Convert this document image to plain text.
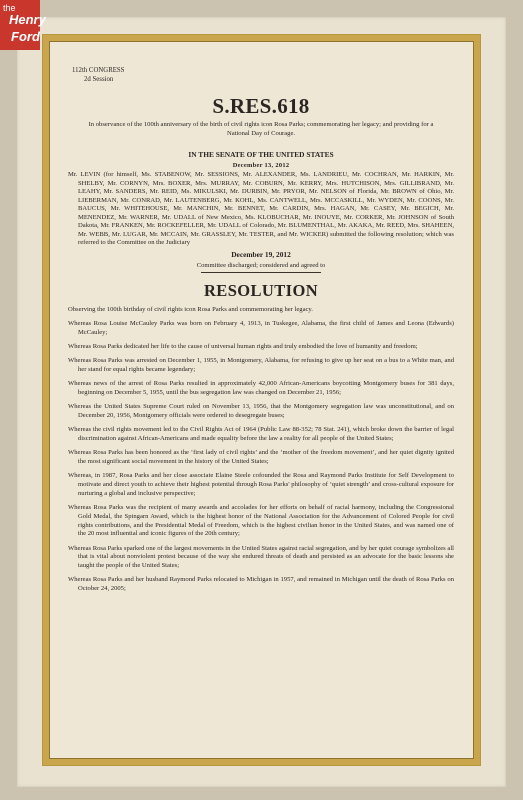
the
Henry
Ford
112th CONGRESS
2d Session
S.RES.618
In observance of the 100th anniversary of the birth of civil rights icon Rosa Parks; commemorating her legacy; and providing for a National Day of Courage.
IN THE SENATE OF THE UNITED STATES
December 13, 2012
Mr. LEVIN (for himself, Ms. STABENOW, Mr. SESSIONS, Mr. ALEXANDER, Ms. LANDRIEU, Mr. COCHRAN, Mr. HARKIN, Mr. SHELBY, Mr. CORNYN, Mrs. BOXER, Mrs. MURRAY, Mr. COBURN, Mr. KERRY, Mrs. HUTCHISON, Mrs. GILLIBRAND, Mr. LEAHY, Mr. SANDERS, Mr. REID, Ms. MIKULSKI, Mr. DURBIN, Mr. PRYOR, Mr. NELSON of Florida, Mr. BROWN of Ohio, Mr. LIEBERMAN, Mr. CONRAD, Mr. LAUTENBERG, Mr. KOHL, Ms. CANTWELL, Mrs. MCCASKILL, Mr. WYDEN, Mr. COONS, Mr. BAUCUS, Mr. WHITEHOUSE, Mr. MANCHIN, Mr. BENNET, Mr. CARDIN, Mrs. HAGAN, Mr. CASEY, Mr. BEGICH, Mr. MENENDEZ, Mr. WARNER, Mr. UDALL of New Mexico, Ms. KLOBUCHAR, Mr. INOUYE, Mr. CORKER, Mr. JOHNSON of South Dakota, Mr. FRANKEN, Mr. ROCKEFELLER, Mr. UDALL of Colorado, Mr. BLUMENTHAL, Mr. AKAKA, Mr. REED, Mrs. SHAHEEN, Mr. WEBB, Mr. LUGAR, Mr. MCCAIN, Mr. GRASSLEY, Mr. TESTER, and Mr. WICKER) submitted the following resolution; which was referred to the Committee on the Judiciary
December 19, 2012
Committee discharged; considered and agreed to
RESOLUTION
Observing the 100th birthday of civil rights icon Rosa Parks and commemorating her legacy.
Whereas Rosa Louise McCauley Parks was born on February 4, 1913, in Tuskegee, Alabama, the first child of James and Leona (Edwards) McCauley;
Whereas Rosa Parks dedicated her life to the cause of universal human rights and truly embodied the love of humanity and freedom;
Whereas Rosa Parks was arrested on December 1, 1955, in Montgomery, Alabama, for refusing to give up her seat on a bus to a White man, and her stand for equal rights became legendary;
Whereas news of the arrest of Rosa Parks resulted in approximately 42,000 African-Americans boycotting Montgomery buses for 381 days, beginning on December 5, 1955, until the bus segregation law was changed on December 21, 1956;
Whereas the United States Supreme Court ruled on November 13, 1956, that the Montgomery segregation law was unconstitutional, and on December 20, 1956, Montgomery officials were ordered to desegregate buses;
Whereas the civil rights movement led to the Civil Rights Act of 1964 (Public Law 88-352; 78 Stat. 241), which broke down the barrier of legal discrimination against African-Americans and made equality before the law a reality for all people of the United States;
Whereas Rosa Parks has been honored as the ‘first lady of civil rights’ and the ‘mother of the freedom movement’, and her quiet dignity ignited the most significant social movement in the history of the United States;
Whereas, in 1987, Rosa Parks and her close associate Elaine Steele cofounded the Rosa and Raymond Parks Institute for Self Development to motivate and direct youth to achieve their highest potential through Rosa Parks' philosophy of ‘quiet strength’ and cross-cultural exposure for nurturing a global and inclusive perspective;
Whereas Rosa Parks was the recipient of many awards and accolades for her efforts on behalf of racial harmony, including the Congressional Gold Medal, the Spingarn Award, which is the highest honor of the National Association for the Advancement of Colored People for civil rights contributions, and the Presidential Medal of Freedom, which is the highest civilian honor in the United States, and was named one of the 20 most influential and iconic figures of the 20th century;
Whereas Rosa Parks sparked one of the largest movements in the United States against racial segregation, and by her quiet courage symbolizes all that is vital about nonviolent protest because of the way she endured threats of death and persisted as an advocate for the basic lessons she taught the people of the United States;
Whereas Rosa Parks and her husband Raymond Parks relocated to Michigan in 1957, and remained in Michigan until the death of Rosa Parks on October 24, 2005;
